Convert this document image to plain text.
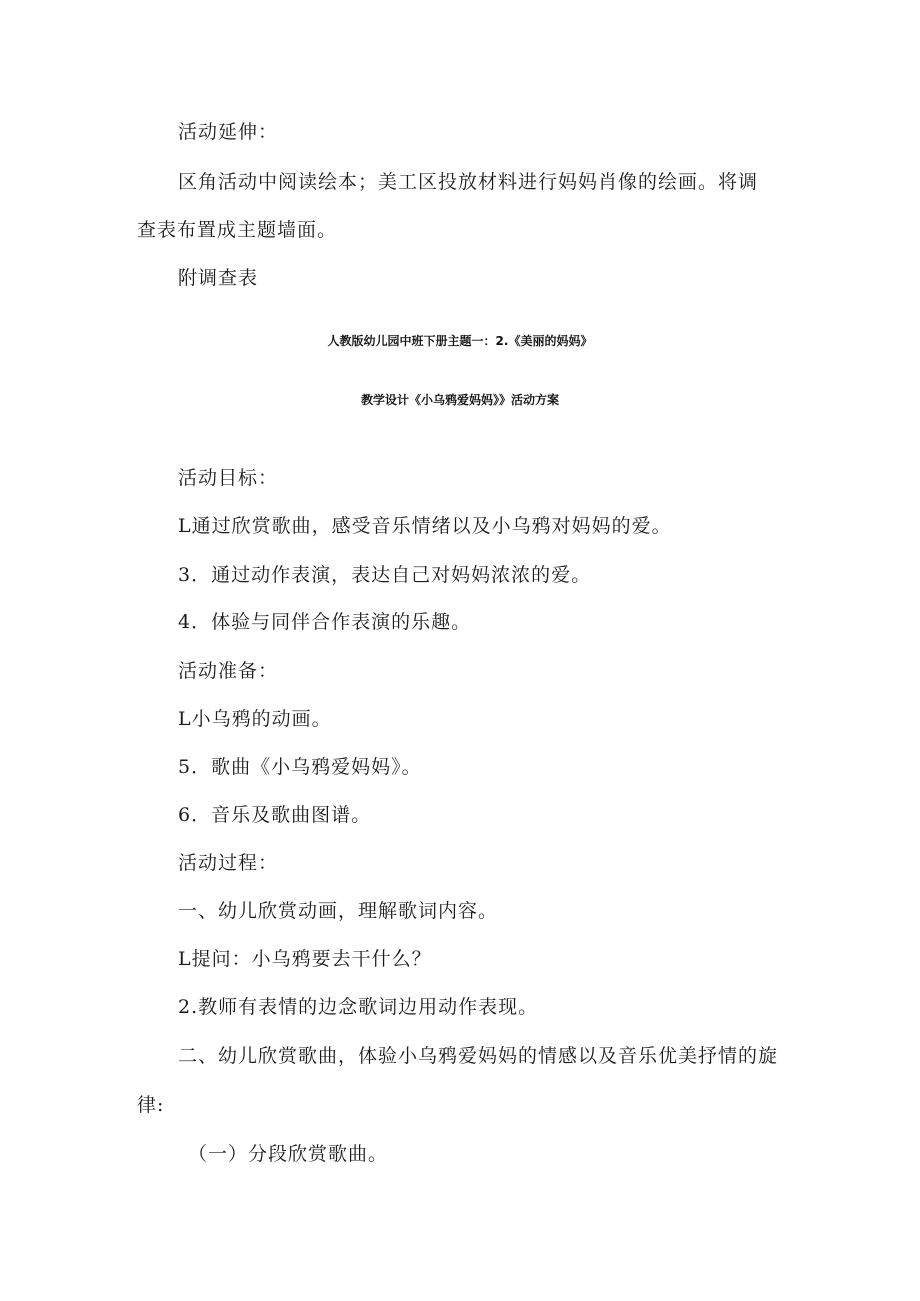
活动延伸：

区角活动中阅读绘本；美工区投放材料进行妈妈肖像的绘画。将调

查表布置成主题墙面。

附调查表

人教版幼儿园中班下册主题一：2.《美丽的妈妈》
教学设计《小乌鸦爱妈妈》》活动方案

活动目标：

L通过欣赏歌曲，感受音乐情绪以及小乌鸦对妈妈的爱。

3．通过动作表演，表达自己对妈妈浓浓的爱。

4．体验与同伴合作表演的乐趣。

活动准备：

L小乌鸦的动画。

5．歌曲《小乌鸦爱妈妈》。

6．音乐及歌曲图谱。

活动过程：

一、幼儿欣赏动画，理解歌词内容。

L提问：小乌鸦要去干什么？

2.教师有表情的边念歌词边用动作表现。

二、幼儿欣赏歌曲，体验小乌鸦爱妈妈的情感以及音乐优美抒情的旋

律:

（一）分段欣赏歌曲。
